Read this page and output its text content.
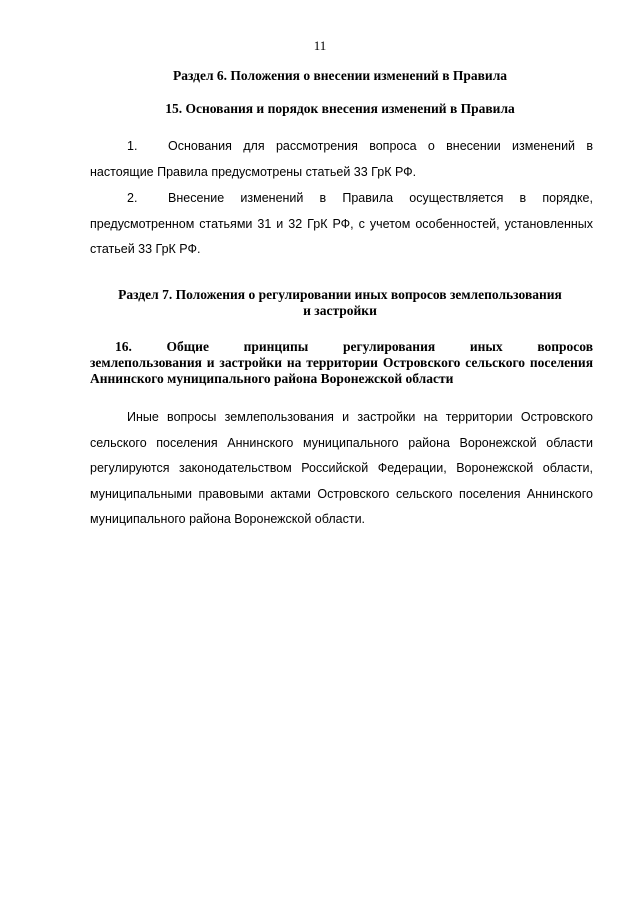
11
Раздел 6. Положения о внесении изменений в Правила
15. Основания и порядок внесения изменений в Правила
1. Основания для рассмотрения вопроса о внесении изменений в настоящие Правила предусмотрены статьей 33 ГрК РФ.
2. Внесение изменений в Правила осуществляется в порядке, предусмотренном статьями 31 и 32 ГрК РФ, с учетом особенностей, установленных статьей 33 ГрК РФ.
Раздел 7. Положения о регулировании иных вопросов землепользования
и застройки
16.	Общие	принципы	регулирования	иных	вопросов
землепользования и застройки на территории Островского сельского поселения Аннинского муниципального района Воронежской области
Иные вопросы землепользования и застройки на территории Островского сельского поселения Аннинского муниципального района Воронежской области регулируются законодательством Российской Федерации, Воронежской области, муниципальными правовыми актами Островского сельского поселения Аннинского муниципального района Воронежской области.
